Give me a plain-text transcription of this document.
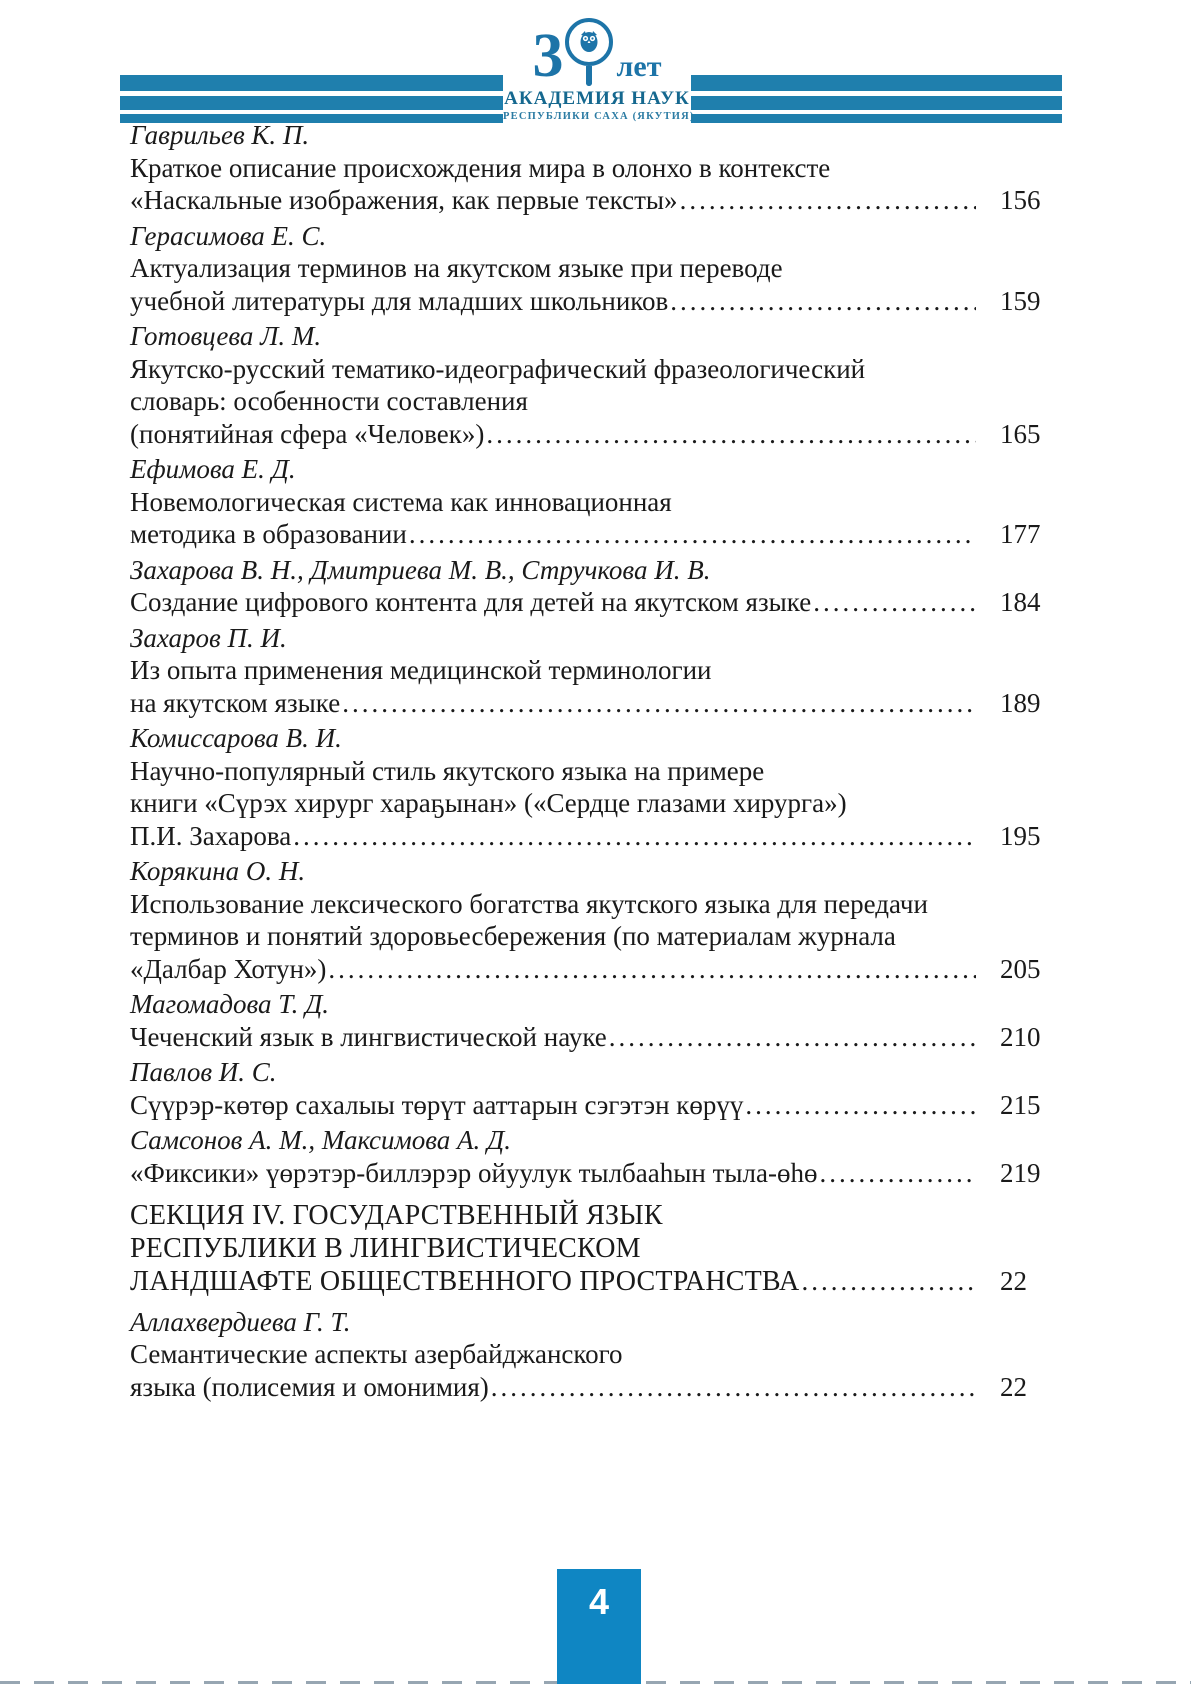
3 лет
АКАДЕМИЯ НАУК
РЕСПУБЛИКИ САХА (ЯКУТИЯ)
Гаврильев К. П.
Краткое описание происхождения мира в олонхо в контексте
«Наскальные изображения, как первые тексты» .....	156
Герасимова Е. С.
Актуализация терминов на якутском языке при переводе
учебной литературы для младших школьников .....	159
Готовцева Л. М.
Якутско-русский тематико-идеографический фразеологический
словарь: особенности составления
(понятийная сфера «Человек») .....	165
Ефимова Е. Д.
Новемологическая система как инновационная
методика в образовании .....	177
Захарова В. Н., Дмитриева М. В., Стручкова И. В.
Создание цифрового контента для детей на якутском языке .....	184
Захаров П. И.
Из опыта применения медицинской терминологии
на якутском языке .....	189
Комиссарова В. И.
Научно-популярный стиль якутского языка на примере
книги «Сүрэх хирург хараҕынан» («Сердце глазами хирурга»)
П.И. Захарова .....	195
Корякина О. Н.
Использование лексического богатства якутского языка для передачи
терминов и понятий здоровьесбережения (по материалам журнала
«Далбар Хотун») .....	205
Магомадова Т. Д.
Чеченский язык в лингвистической науке .....	210
Павлов И. С.
Сүүрэр-көтөр сахалыы төрүт ааттарын сэгэтэн көрүү .....	215
Самсонов А. М., Максимова А. Д.
«Фиксики» үөрэтэр-биллэрэр ойуулук тылбааһын тыла-өһө .....	219
СЕКЦИЯ IV. ГОСУДАРСТВЕННЫЙ ЯЗЫК
РЕСПУБЛИКИ В ЛИНГВИСТИЧЕСКОМ
ЛАНДШАФТЕ ОБЩЕСТВЕННОГО ПРОСТРАНСТВА .....	22
Аллахвердиева Г. Т.
Семантические аспекты азербайджанского
языка (полисемия и омонимия) .....	22
4
